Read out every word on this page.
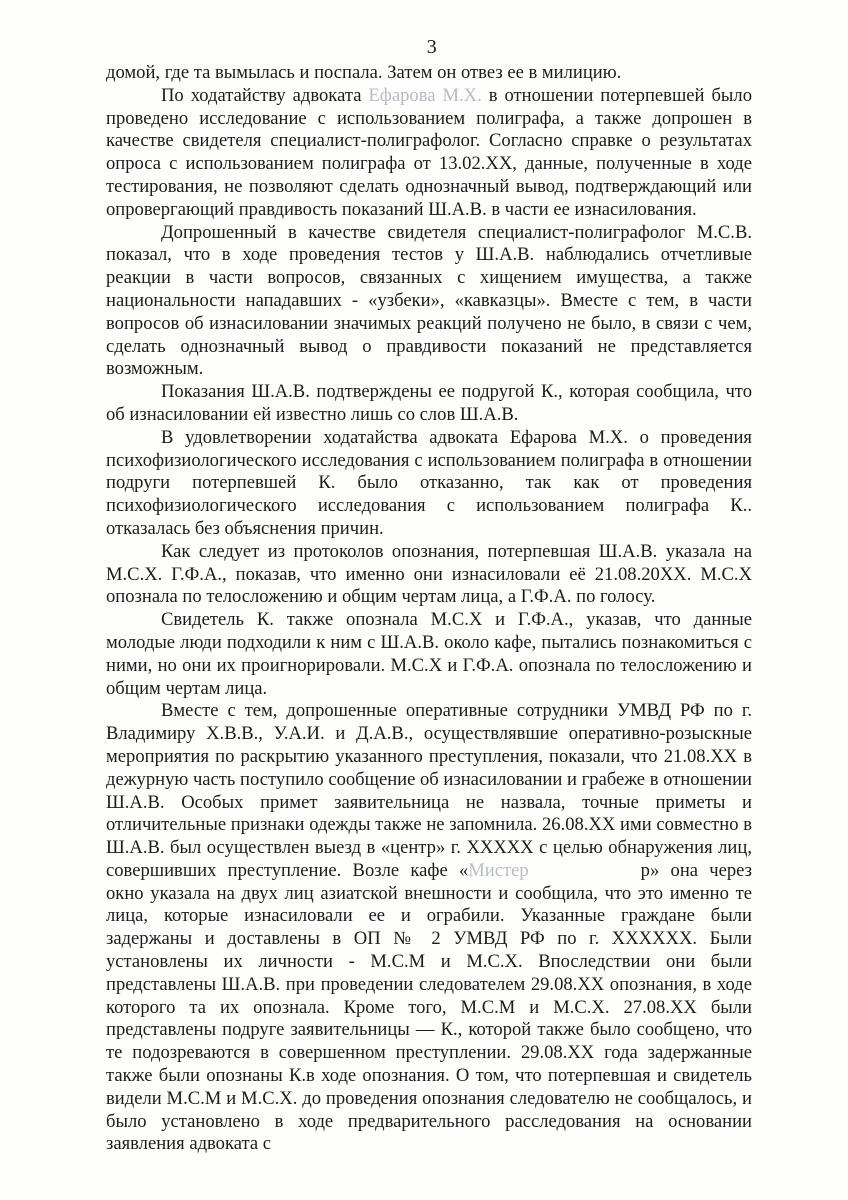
3

домой, где та вымылась и поспала. Затем он отвез ее в милицию.

По ходатайству адвоката Ефарова М.Х. в отношении потерпевшей было проведено исследование с использованием полиграфа, а также допрошен в качестве свидетеля специалист-полиграфолог. Согласно справке о результатах опроса с использованием полиграфа от 13.02.ХХ, данные, полученные в ходе тестирования, не позволяют сделать однозначный вывод, подтверждающий или опровергающий правдивость показаний Ш.А.В. в части ее изнасилования.

Допрошенный в качестве свидетеля специалист-полиграфолог М.С.В. показал, что в ходе проведения тестов у Ш.А.В. наблюдались отчетливые реакции в части вопросов, связанных с хищением имущества, а также национальности нападавших - «узбеки», «кавказцы». Вместе с тем, в части вопросов об изнасиловании значимых реакций получено не было, в связи с чем, сделать однозначный вывод о правдивости показаний не представляется возможным.

Показания Ш.А.В. подтверждены ее подругой К., которая сообщила, что об изнасиловании ей известно лишь со слов Ш.А.В.

В удовлетворении ходатайства адвоката Ефарова М.Х. о проведения психофизиологического исследования с использованием полиграфа в отношении подруги потерпевшей К. было отказанно, так как от проведения психофизиологического исследования с использованием полиграфа К.. отказалась без объяснения причин.

Как следует из протоколов опознания, потерпевшая Ш.А.В. указала на М.С.Х. Г.Ф.А., показав, что именно они изнасиловали её 21.08.20ХХ. М.С.Х опознала по телосложению и общим чертам лица, а Г.Ф.А. по голосу.

Свидетель К. также опознала М.С.Х и Г.Ф.А., указав, что данные молодые люди подходили к ним с Ш.А.В. около кафе, пытались познакомиться с ними, но они их проигнорировали. М.С.Х и Г.Ф.А. опознала по телосложению и общим чертам лица.

Вместе с тем, допрошенные оперативные сотрудники УМВД РФ по г. Владимиру Х.В.В., У.А.И. и Д.А.В., осуществлявшие оперативно-розыскные мероприятия по раскрытию указанного преступления, показали, что 21.08.ХХ в дежурную часть поступило сообщение об изнасиловании и грабеже в отношении Ш.А.В. Особых примет заявительница не назвала, точные приметы и отличительные признаки одежды также не запомнила. 26.08.ХХ ими совместно в Ш.А.В. был осуществлен выезд в «центр» г. ХХХХХ с целью обнаружения лиц, совершивших преступление. Возле кафе «Мистер	р» она через окно указала на двух лиц азиатской внешности и сообщила, что это именно те лица, которые изнасиловали ее и ограбили. Указанные граждане были задержаны и доставлены в ОП № 2 УМВД РФ по г. ХХХХХХ. Были установлены их личности - М.С.М и М.С.Х. Впоследствии они были представлены Ш.А.В. при проведении следователем 29.08.ХХ опознания, в ходе которого та их опознала. Кроме того, М.С.М и М.С.Х. 27.08.ХХ были представлены подруге заявительницы — К., которой также было сообщено, что те подозреваются в совершенном преступлении. 29.08.ХХ года задержанные также были опознаны К.в ходе опознания. О том, что потерпевшая и свидетель видели М.С.М и М.С.Х. до проведения опознания следователю не сообщалось, и было установлено в ходе предварительного расследования на основании заявления адвоката с
